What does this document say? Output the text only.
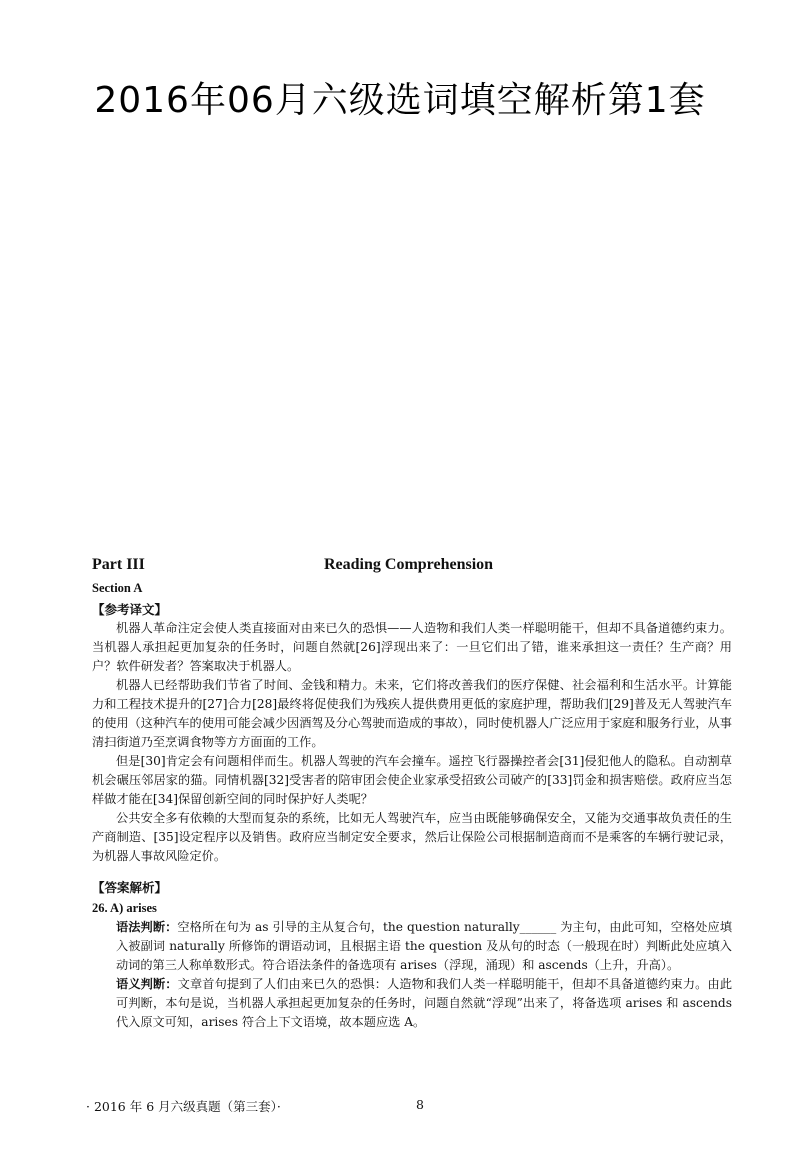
2016年06月六级选词填空解析第1套
Part III	Reading Comprehension
Section A
【参考译文】

机器人革命注定会使人类直接面对由来已久的恐惧——人造物和我们人类一样聪明能干，但却不具备道德约束力。当机器人承担起更加复杂的任务时，问题自然就[26]浮现出来了：一旦它们出了错，谁来承担这一责任？生产商？用户？软件研发者？答案取决于机器人。

机器人已经帮助我们节省了时间、金钱和精力。未来，它们将改善我们的医疗保健、社会福利和生活水平。计算能力和工程技术提升的[27]合力[28]最终将促使我们为残疾人提供费用更低的家庭护理，帮助我们[29]普及无人驾驶汽车的使用（这种汽车的使用可能会减少因酒驾及分心驾驶而造成的事故），同时使机器人广泛应用于家庭和服务行业，从事清扫街道乃至烹调食物等方方面面的工作。

但是[30]肯定会有问题相伴而生。机器人驾驶的汽车会撞车。遥控飞行器操控者会[31]侵犯他人的隐私。自动割草机会碾压邻居家的猫。同情机器[32]受害者的陪审团会使企业家承受招致公司破产的[33]罚金和损害赔偿。政府应当怎样做才能在[34]保留创新空间的同时保护好人类呢？

公共安全多有依赖的大型而复杂的系统，比如无人驾驶汽车，应当由既能够确保安全，又能为交通事故负责任的生产商制造、[35]设定程序以及销售。政府应当制定安全要求，然后让保险公司根据制造商而不是乘客的车辆行驶记录，为机器人事故风险定价。

【答案解析】
26. A) arises

语法判断：空格所在句为 as 引导的主从复合句，the question naturally______ 为主句，由此可知，空格处应填入被副词 naturally 所修饰的谓语动词，且根据主语 the question 及从句的时态（一般现在时）判断此处应填入动词的第三人称单数形式。符合语法条件的备选项有 arises（浮现，涌现）和 ascends（上升，升高）。

语义判断：文章首句提到了人们由来已久的恐惧：人造物和我们人类一样聪明能干，但却不具备道德约束力。由此可判断，本句是说，当机器人承担起更加复杂的任务时，问题自然就“浮现”出来了，将备选项 arises 和 ascends 代入原文可知，arises 符合上下文语境，故本题应选 A。

· 2016 年 6 月六级真题（第三套）·	8
